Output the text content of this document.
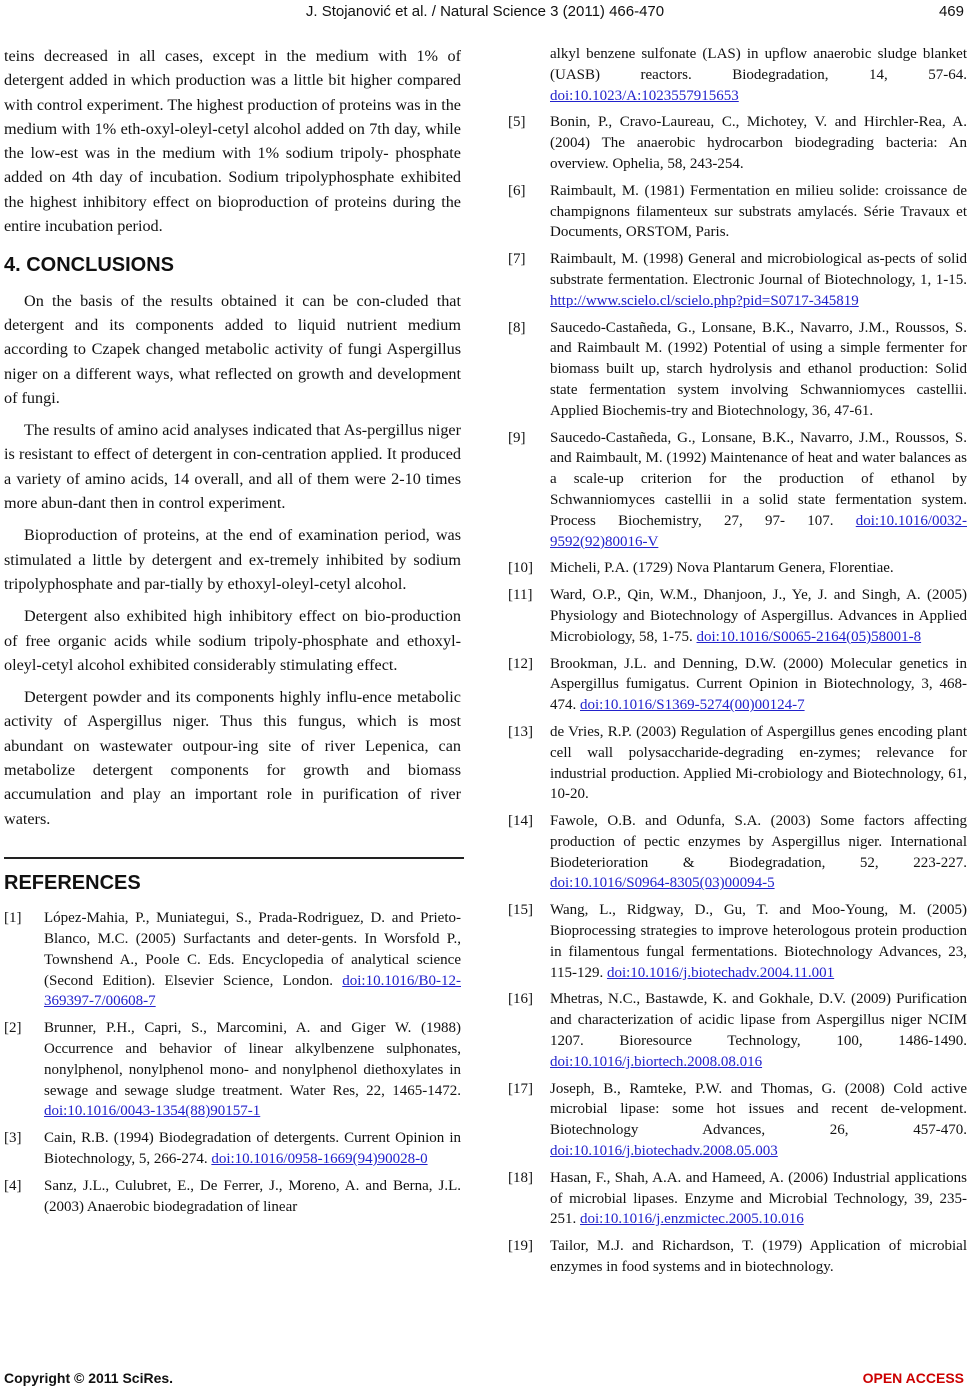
J. Stojanović et al. / Natural Science 3 (2011) 466-470	469

teins decreased in all cases, except in the medium with 1% of detergent added in which production was a little bit higher compared with control experiment. The highest production of proteins was in the medium with 1% eth-oxyl-oleyl-cetyl alcohol added on 7th day, while the low-est was in the medium with 1% sodium tripoly- phosphate added on 4th day of incubation. Sodium tripolyphosphate exhibited the highest inhibitory effect on bioproduction of proteins during the entire incubation period.

4. CONCLUSIONS

On the basis of the results obtained it can be con-cluded that detergent and its components added to liquid nutrient medium according to Czapek changed metabolic activity of fungi Aspergillus niger on a different ways, what reflected on growth and development of fungi.

The results of amino acid analyses indicated that As-pergillus niger is resistant to effect of detergent in con-centration applied. It produced a variety of amino acids, 14 overall, and all of them were 2-10 times more abun-dant then in control experiment.

Bioproduction of proteins, at the end of examination period, was stimulated a little by detergent and ex-tremely inhibited by sodium tripolyphosphate and par-tially by ethoxyl-oleyl-cetyl alcohol.

Detergent also exhibited high inhibitory effect on bio-production of free organic acids while sodium tripoly-phosphate and ethoxyl-oleyl-cetyl alcohol exhibited considerably stimulating effect.

Detergent powder and its components highly influ-ence metabolic activity of Aspergillus niger. Thus this fungus, which is most abundant on wastewater outpour-ing site of river Lepenica, can metabolize detergent components for growth and biomass accumulation and play an important role in purification of river waters.

REFERENCES
[1]	López-Mahia, P., Muniategui, S., Prada-Rodriguez, D. and Prieto-Blanco, M.C. (2005) Surfactants and deter-gents. In Worsfold P., Townshend A., Poole C. Eds. Encyclopedia of analytical science (Second Edition). Elsevier Science, London. doi:10.1016/B0-12-369397-7/00608-7
[2]	Brunner, P.H., Capri, S., Marcomini, A. and Giger W. (1988) Occurrence and behavior of linear alkylbenzene sulphonates, nonylphenol, nonylphenol mono- and nonylphenol diethoxylates in sewage and sewage sludge treatment. Water Res, 22, 1465-1472. doi:10.1016/0043-1354(88)90157-1
[3]	Cain, R.B. (1994) Biodegradation of detergents. Current Opinion in Biotechnology, 5, 266-274. doi:10.1016/0958-1669(94)90028-0
[4]	Sanz, J.L., Culubret, E., De Ferrer, J., Moreno, A. and Berna, J.L. (2003) Anaerobic biodegradation of linear
alkyl benzene sulfonate (LAS) in upflow anaerobic sludge blanket (UASB) reactors. Biodegradation, 14, 57-64. doi:10.1023/A:1023557915653
[5]	Bonin, P., Cravo-Laureau, C., Michotey, V. and Hirchler-Rea, A. (2004) The anaerobic hydrocarbon biodegrading bacteria: An overview. Ophelia, 58, 243-254.
[6]	Raimbault, M. (1981) Fermentation en milieu solide: croissance de champignons filamenteux sur substrats amylacés. Série Travaux et Documents, ORSTOM, Paris.
[7]	Raimbault, M. (1998) General and microbiological as-pects of solid substrate fermentation. Electronic Journal of Biotechnology, 1, 1-15. http://www.scielo.cl/scielo.php?pid=S0717-345819
[8]	Saucedo-Castañeda, G., Lonsane, B.K., Navarro, J.M., Roussos, S. and Raimbault M. (1992) Potential of using a simple fermenter for biomass built up, starch hydrolysis and ethanol production: Solid state fermentation system involving Schwanniomyces castellii. Applied Biochemis-try and Biotechnology, 36, 47-61.
[9]	Saucedo-Castañeda, G., Lonsane, B.K., Navarro, J.M., Roussos, S. and Raimbault, M. (1992) Maintenance of heat and water balances as a scale-up criterion for the production of ethanol by Schwanniomyces castellii in a solid state fermentation system. Process Biochemistry, 27, 97- 107. doi:10.1016/0032-9592(92)80016-V
[10]	Micheli, P.A. (1729) Nova Plantarum Genera, Florentiae.
[11]	Ward, O.P., Qin, W.M., Dhanjoon, J., Ye, J. and Singh, A. (2005) Physiology and Biotechnology of Aspergillus. Advances in Applied Microbiology, 58, 1-75. doi:10.1016/S0065-2164(05)58001-8
[12]	Brookman, J.L. and Denning, D.W. (2000) Molecular genetics in Aspergillus fumigatus. Current Opinion in Biotechnology, 3, 468-474. doi:10.1016/S1369-5274(00)00124-7
[13]	de Vries, R.P. (2003) Regulation of Aspergillus genes encoding plant cell wall polysaccharide-degrading en-zymes; relevance for industrial production. Applied Mi-crobiology and Biotechnology, 61, 10-20.
[14]	Fawole, O.B. and Odunfa, S.A. (2003) Some factors affecting production of pectic enzymes by Aspergillus niger. International Biodeterioration & Biodegradation, 52, 223-227. doi:10.1016/S0964-8305(03)00094-5
[15]	Wang, L., Ridgway, D., Gu, T. and Moo-Young, M. (2005) Bioprocessing strategies to improve heterologous protein production in filamentous fungal fermentations. Biotechnology Advances, 23, 115-129. doi:10.1016/j.biotechadv.2004.11.001
[16]	Mhetras, N.C., Bastawde, K. and Gokhale, D.V. (2009) Purification and characterization of acidic lipase from Aspergillus niger NCIM 1207. Bioresource Technology, 100, 1486-1490. doi:10.1016/j.biortech.2008.08.016
[17]	Joseph, B., Ramteke, P.W. and Thomas, G. (2008) Cold active microbial lipase: some hot issues and recent de-velopment. Biotechnology Advances, 26, 457-470. doi:10.1016/j.biotechadv.2008.05.003
[18]	Hasan, F., Shah, A.A. and Hameed, A. (2006) Industrial applications of microbial lipases. Enzyme and Microbial Technology, 39, 235-251. doi:10.1016/j.enzmictec.2005.10.016
[19]	Tailor, M.J. and Richardson, T. (1979) Application of microbial enzymes in food systems and in biotechnology.
Copyright © 2011 SciRes.	OPEN ACCESS
